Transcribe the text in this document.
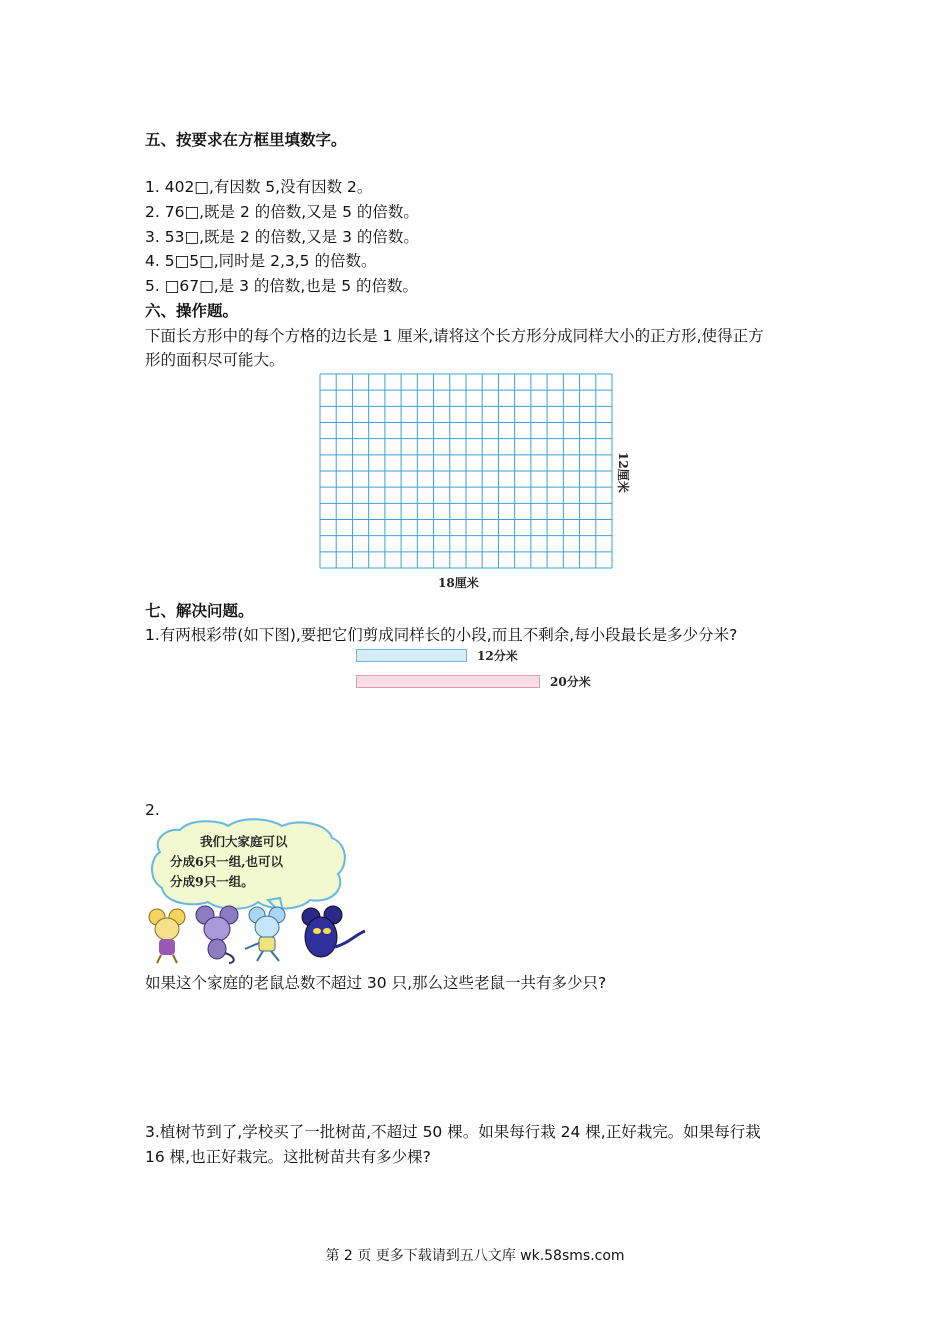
五、按要求在方框里填数字。
1. 402□,有因数 5,没有因数 2。
2. 76□,既是 2 的倍数,又是 5 的倍数。
3. 53□,既是 2 的倍数,又是 3 的倍数。
4. 5□5□,同时是 2,3,5 的倍数。
5. □67□,是 3 的倍数,也是 5 的倍数。
六、操作题。
下面长方形中的每个方格的边长是 1 厘米,请将这个长方形分成同样大小的正方形,使得正方
形的面积尽可能大。
12厘米
18厘米
七、解决问题。
1.有两根彩带(如下图),要把它们剪成同样长的小段,而且不剩余,每小段最长是多少分米?
12分米
20分米
2.
我们大家庭可以
分成6只一组,也可以
分成9只一组。
如果这个家庭的老鼠总数不超过 30 只,那么这些老鼠一共有多少只?
3.植树节到了,学校买了一批树苗,不超过 50 棵。如果每行栽 24 棵,正好栽完。如果每行栽
16 棵,也正好栽完。这批树苗共有多少棵?
第 2 页 更多下载请到五八文库 wk.58sms.com
